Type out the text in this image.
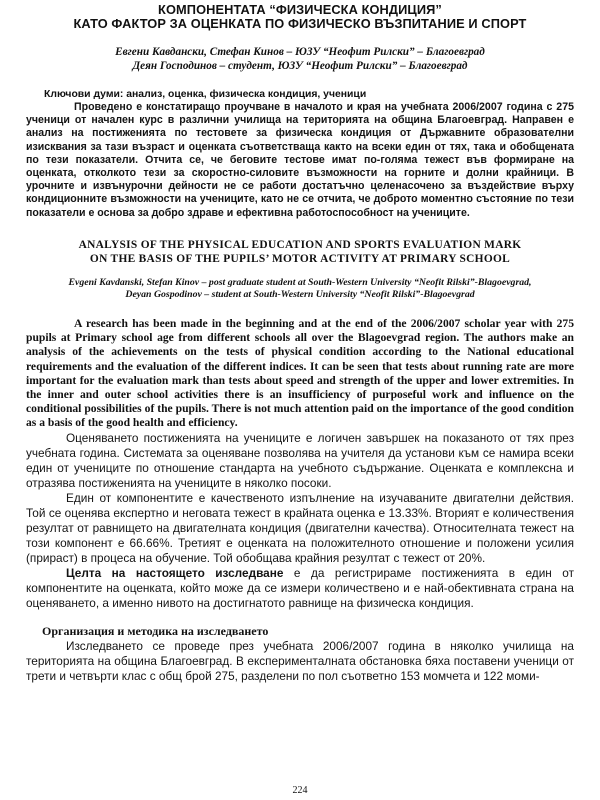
КОМПОНЕНТАТА “ФИЗИЧЕСКА КОНДИЦИЯ”
КАТО ФАКТОР ЗА ОЦЕНКАТА ПО ФИЗИЧЕСКО ВЪЗПИТАНИЕ И СПОРТ
Евгени Кавдански, Стефан Кинов – ЮЗУ “Неофит Рилски” – Благоевград
Деян Господинов – студент, ЮЗУ “Неофит Рилски” – Благоевград
Ключови думи: анализ, оценка, физическа кондиция, ученици

Проведено е констатиращо проучване в началото и края на учебната 2006/2007 година с 275 ученици от начален курс в различни училища на територията на община Благоевград. Направен е анализ на постиженията по тестовете за физическа кондиция от Държавните образователни изисквания за тази възраст и оценката съответстваща както на всеки един от тях, така и обобщената по тези показатели. Отчита се, че беговите тестове имат по-голяма тежест във формиране на оценката, отколкото тези за скоростно-силовите възможности на горните и долни крайници. В урочните и извънурочни дейности не се работи достатъчно целенасочено за въздействие върху кондиционните възможности на учениците, като не се отчита, че доброто моментно състояние по тези показатели е основа за добро здраве и ефективна работоспособност на учениците.

ANALYSIS OF THE PHYSICAL EDUCATION AND SPORTS EVALUATION MARK
ON THE BASIS OF THE PUPILS’ MOTOR ACTIVITY AT PRIMARY SCHOOL
Evgeni Kavdanski, Stefan Kinov – post graduate student at South-Western University “Neofit Rilski”-Blagoevgrad,
Deyan Gospodinov – student at South-Western University “Neofit Rilski”-Blagoevgrad

A research has been made in the beginning and at the end of the 2006/2007 scholar year with 275 pupils at Primary school age from different schools all over the Blagoevgrad region. The authors make an analysis of the achievements on the tests of physical condition according to the National educational requirements and the evaluation of the different indices. It can be seen that tests about running rate are more important for the evaluation mark than tests about speed and strength of the upper and lower extremities. In the inner and outer school activities there is an insufficiency of purposeful work and influence on the conditional possibilities of the pupils. There is not much attention paid on the importance of the good condition as a basis of the good health and efficiency.

Оценяването постиженията на учениците е логичен завършек на показаното от тях през учебната година. Системата за оценяване позволява на учителя да установи към се намира всеки един от учениците по отношение стандарта на учебното съдържание. Оценката е комплексна и отразява постиженията на учениците в няколко посоки.

Един от компонентите е качественото изпълнение на изучаваните двигателни действия. Той се оценява експертно и неговата тежест в крайната оценка е 13.33%. Вторият е количествения резултат от равнището на двигателната кондиция (двигателни качества). Относителната тежест на този компонент е 66.66%. Третият е оценката на положителното отношение и положени усилия (прираст) в процеса на обучение. Той обобщава крайния резултат с тежест от 20%.

Целта на настоящето изследване е да регистрираме постиженията в един от компонентите на оценката, който може да се измери количествено и е най-обективната страна на оценяването, а именно нивото на достигнатото равнище на физическа кондиция.

Организация и методика на изследването

Изследването се проведе през учебната 2006/2007 година в няколко училища на територията на община Благоевград. В експерименталната обстановка бяха поставени ученици от трети и четвърти клас с общ брой 275, разделени по пол съответно 153 момчета и 122 моми-

224
